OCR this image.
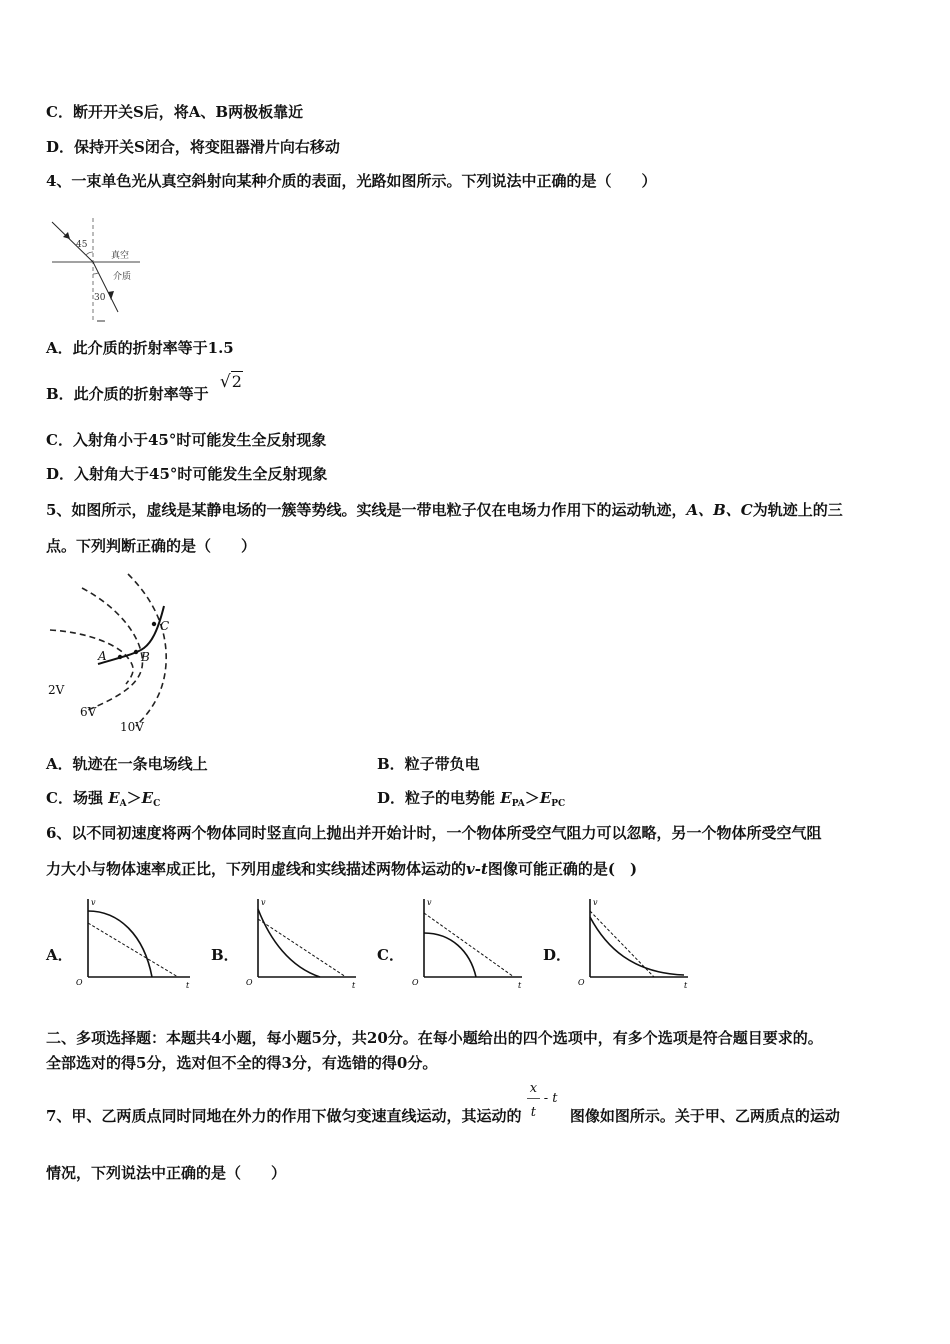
C．断开开关S后，将A、B两极板靠近
D．保持开关S闭合，将变阻器滑片向右移动
4、一束单色光从真空斜射向某种介质的表面，光路如图所示。下列说法中正确的是（　　）
45
30
真空
介质
A．此介质的折射率等于1.5
B．此介质的折射率等于 √2
C．入射角小于45°时可能发生全反射现象
D．入射角大于45°时可能发生全反射现象
5、如图所示，虚线是某静电场的一簇等势线。实线是一带电粒子仅在电场力作用下的运动轨迹，A、B、C为轨迹上的三
点。下列判断正确的是（　　）
A	B
C
2V
6V
10V
A．轨迹在一条电场线上	B．粒子带负电
C．场强 $E_A>E_C$	D．粒子的电势能 $E_{PA}>E_{PC}$
6、以不同初速度将两个物体同时竖直向上抛出并开始计时，一个物体所受空气阻力可以忽略，另一个物体所受空气阻
力大小与物体速率成正比，下列用虚线和实线描述两物体运动的v-t图像可能正确的是(　)
A．	B．	C．	D．
v
t
O
v
t
O
v
t
O
v
t
O
二、多项选择题：本题共4小题，每小题5分，共20分。在每小题给出的四个选项中，有多个选项是符合题目要求的。
全部选对的得5分，选对但不全的得3分，有选错的得0分。
7、甲、乙两质点同时同地在外力的作用下做匀变速直线运动，其运动的
x
t
- t
图像如图所示。关于甲、乙两质点的运动
情况，下列说法中正确的是（　　）
